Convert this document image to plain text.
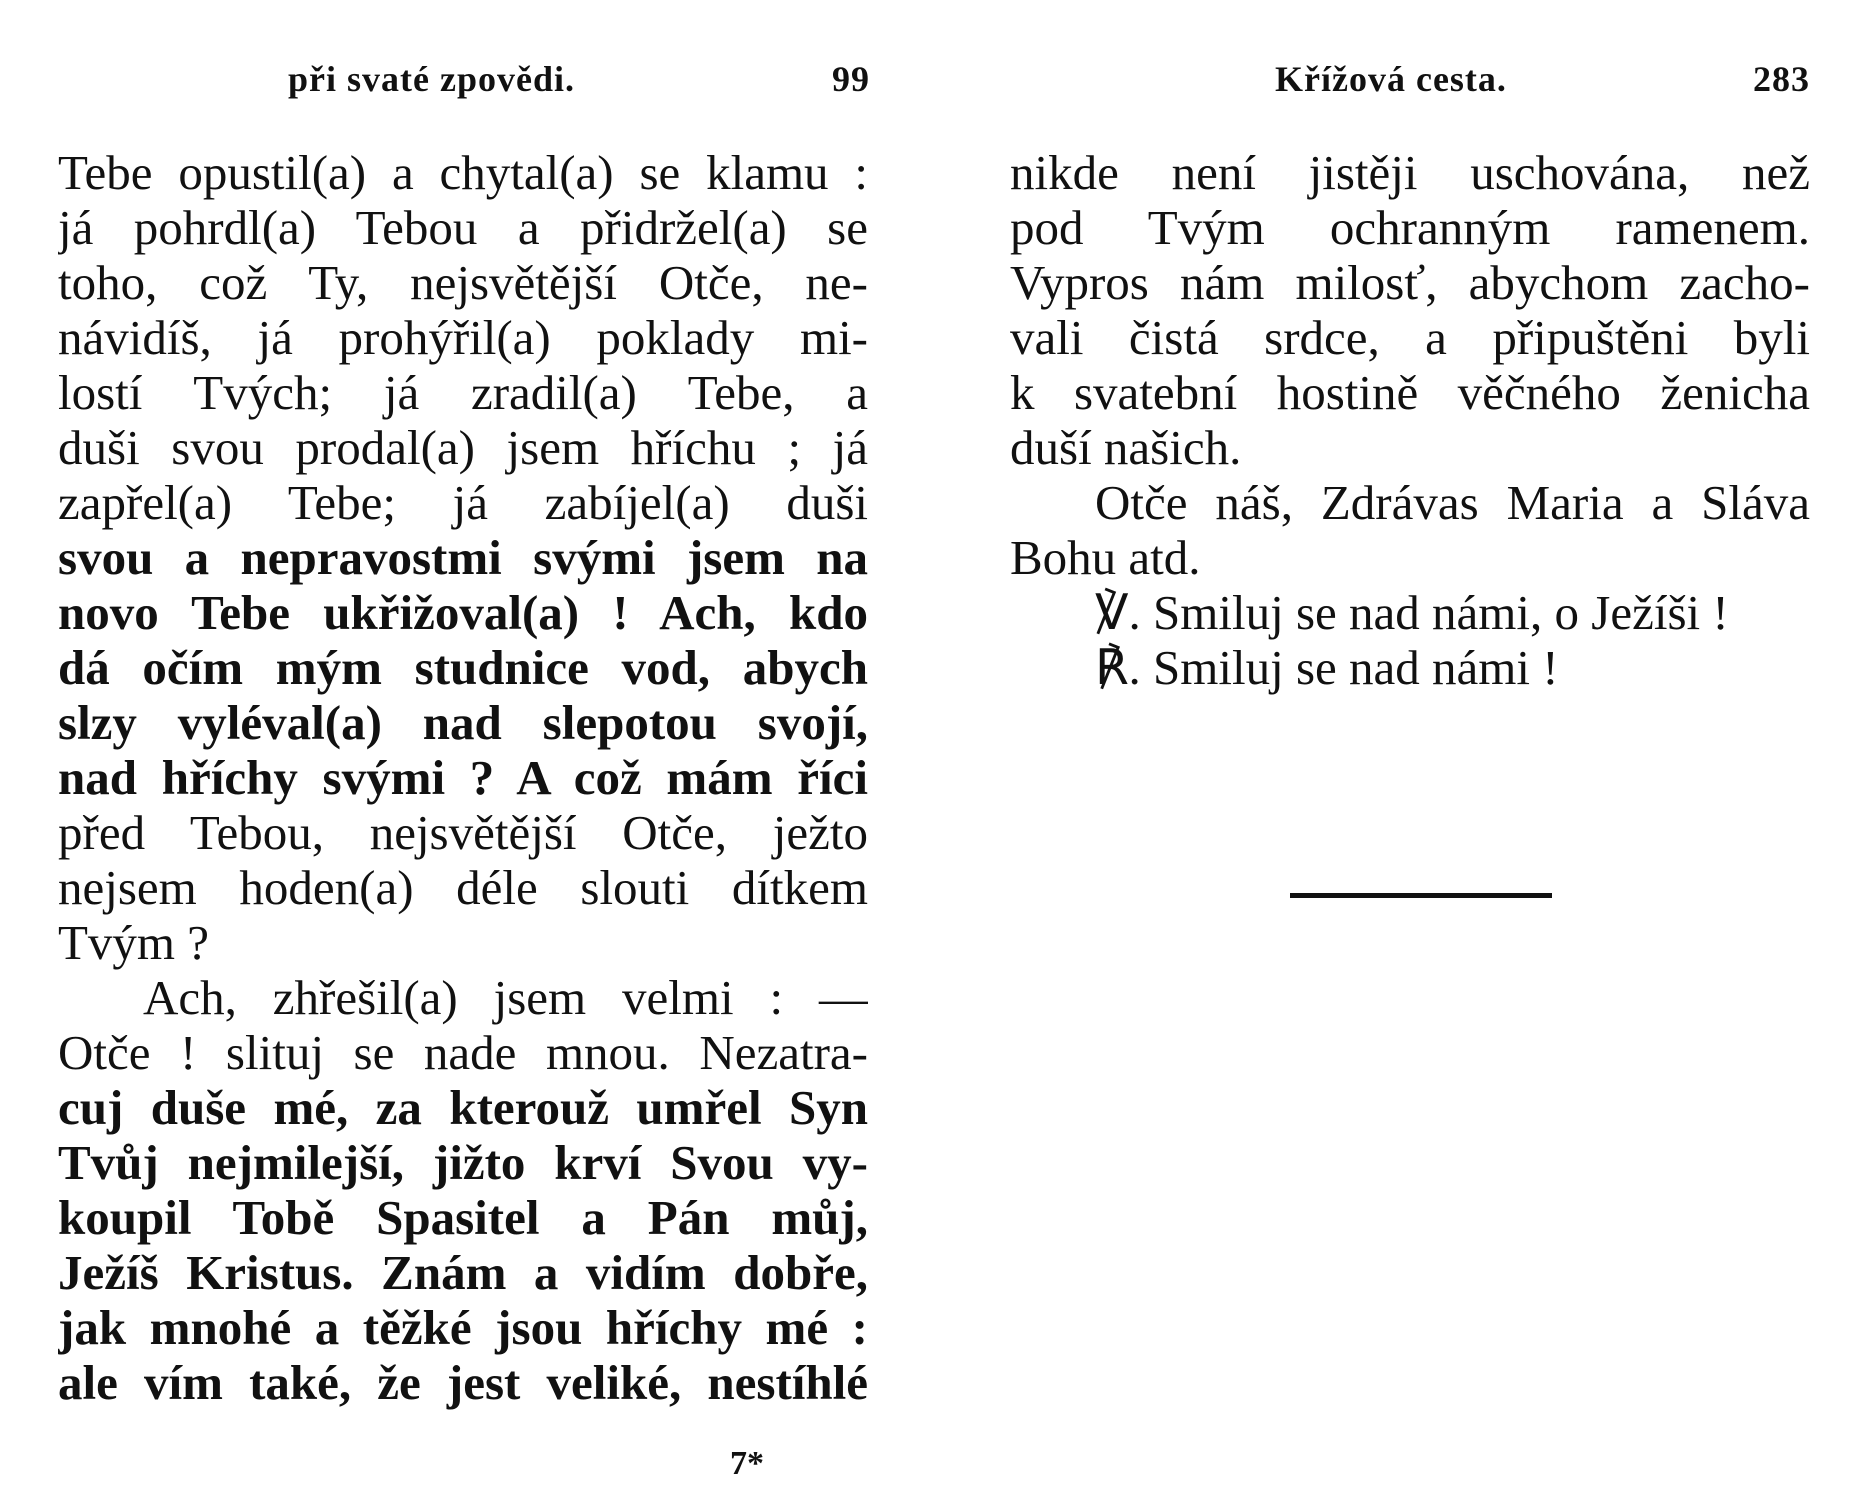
při svaté zpovědi.	99
Tebe opustil(a) a chytal(a) se klamu :
já pohrdl(a) Tebou a přidržel(a) se
toho, což Ty, nejsvětější Otče, ne-
návidíš, já prohýřil(a) poklady mi-
lostí Tvých; já zradil(a) Tebe, a
duši svou prodal(a) jsem hříchu ; já
zapřel(a) Tebe; já zabíjel(a) duši
svou a nepravostmi svými jsem na
novo Tebe ukřižoval(a) ! Ach, kdo
dá očím mým studnice vod, abych
slzy vyléval(a) nad slepotou svojí,
nad hříchy svými ? A což mám říci
před Tebou, nejsvětější Otče, ježto
nejsem hoden(a) déle slouti dítkem
Tvým ?
Ach, zhřešil(a) jsem velmi : —
Otče ! slituj se nade mnou. Nezatra-
cuj duše mé, za kterouž umřel Syn
Tvůj nejmilejší, jižto krví Svou vy-
koupil Tobě Spasitel a Pán můj,
Ježíš Kristus. Znám a vidím dobře,
jak mnohé a těžké jsou hříchy mé :
ale vím také, že jest veliké, nestíhlé
7*
Křížová cesta.	283
nikde není jistěji uschována, než
pod Tvým ochranným ramenem.
Vypros nám milosť, abychom zacho-
vali čistá srdce, a připuštěni byli
k svatební hostině věčného ženicha
duší našich.
Otče náš, Zdrávas Maria a Sláva
Bohu atd.
℣. Smiluj se nad námi, o Ježíši !
℟. Smiluj se nad námi !
